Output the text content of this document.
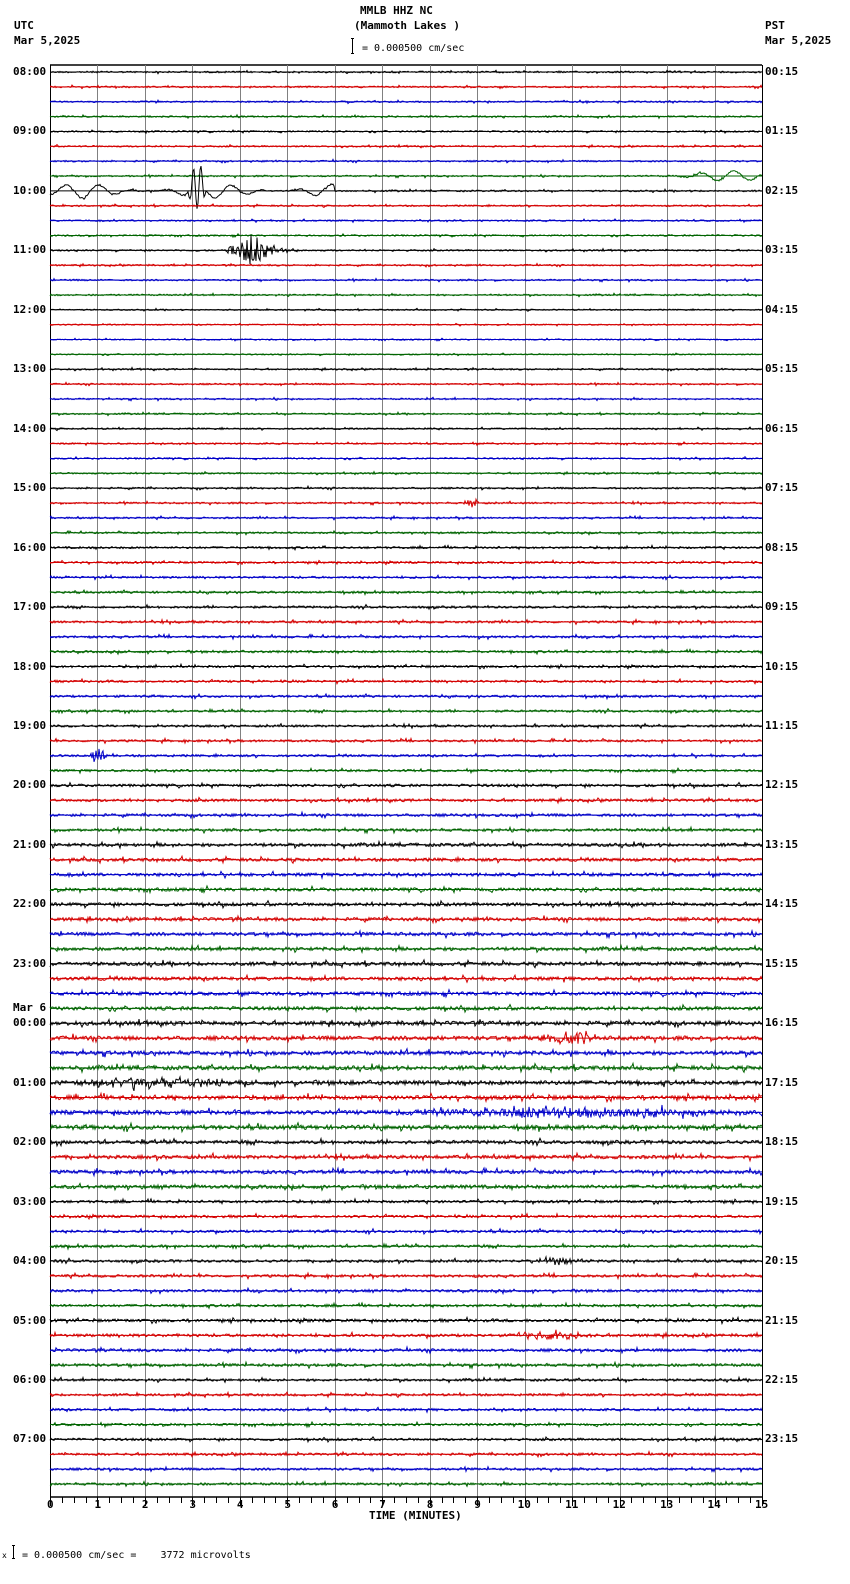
MMLB HHZ NC
(Mammoth Lakes )
UTC
Mar 5,2025
PST
Mar 5,2025
= 0.000500 cm/sec
08:00
09:00
10:00
11:00
12:00
13:00
14:00
15:00
16:00
17:00
18:00
19:00
20:00
21:00
22:00
23:00
00:00
Mar 6
01:00
02:00
03:00
04:00
05:00
06:00
07:00
00:15
01:15
02:15
03:15
04:15
05:15
06:15
07:15
08:15
09:15
10:15
11:15
12:15
13:15
14:15
15:15
16:15
17:15
18:15
19:15
20:15
21:15
22:15
23:15
0	1	2	3	4	5	6	7	8	9	10	11	12	13	14	15
TIME (MINUTES)
x = 0.000500 cm/sec =    3772 microvolts
